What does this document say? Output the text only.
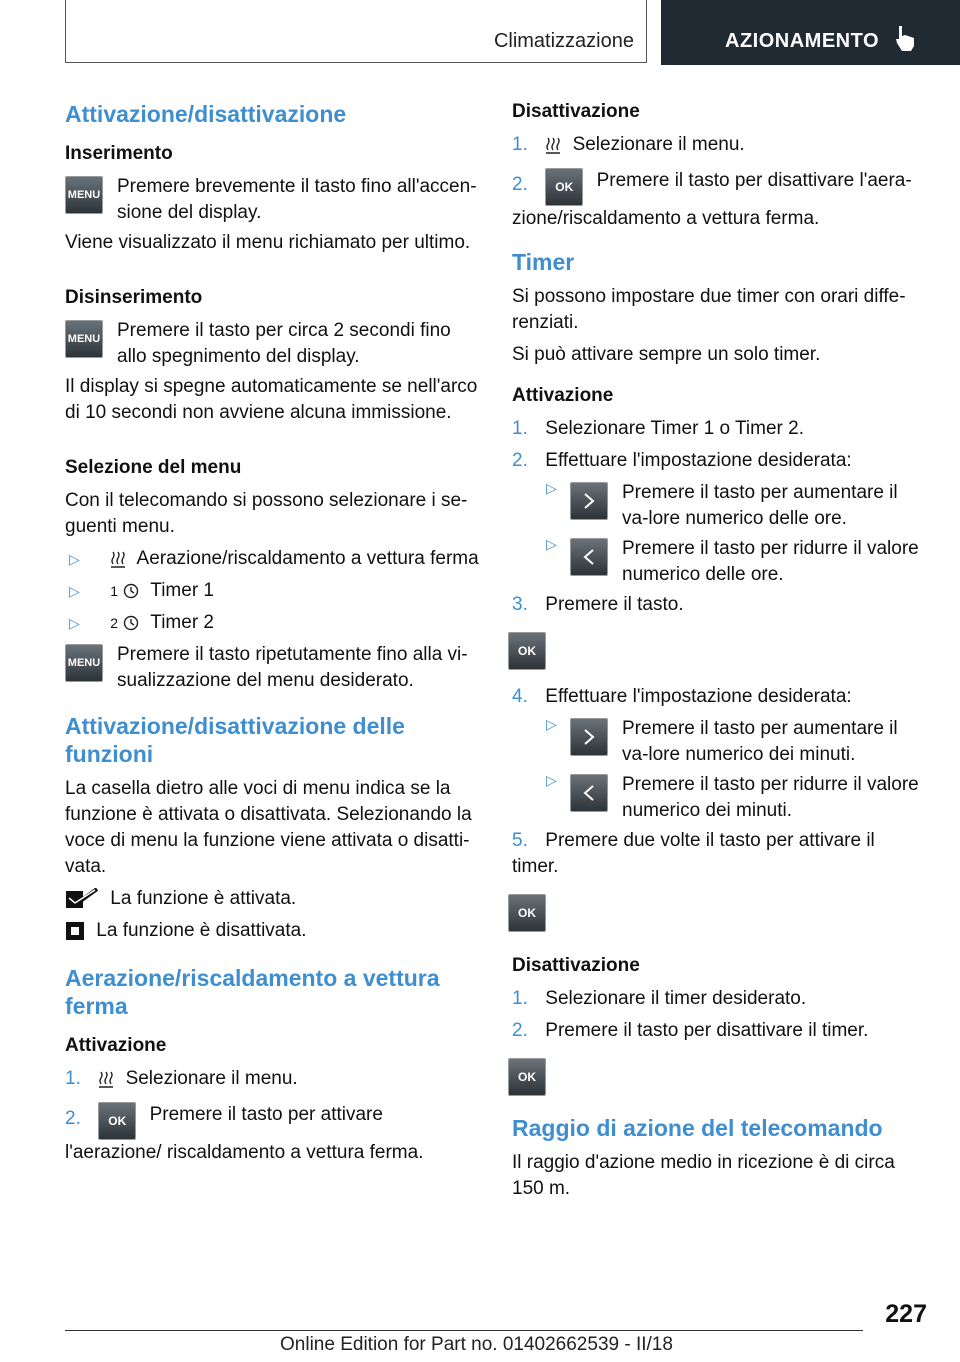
Climatizzazione	AZIONAMENTO
Attivazione/disattivazione
Inserimento
MENU Premere brevemente il tasto fino all'accen-sione del display.

Viene visualizzato il menu richiamato per ultimo.

Disinserimento
MENU Premere il tasto per circa 2 secondi fino allo spegnimento del display.

Il display si spegne automaticamente se nell'arco di 10 secondi non avviene alcuna immissione.

Selezione del menu

Con il telecomando si possono selezionare i se-guenti menu.

▷	Aerazione/riscaldamento a vettura ferma
▷ 1 Timer 1
▷ 2 Timer 2
MENU Premere il tasto ripetutamente fino alla vi-sualizzazione del menu desiderato.
Attivazione/disattivazione delle funzioni

La casella dietro alle voci di menu indica se la funzione è attivata o disattivata. Selezionando la voce di menu la funzione viene attivata o disatti-vata.

La funzione è attivata.
La funzione è disattivata.
Aerazione/riscaldamento a vettura ferma
Attivazione
1. Selezionare il menu.
2. OK Premere il tasto per attivare l'aerazione/ riscaldamento a vettura ferma.
Disattivazione
1. Selezionare il menu.
2. OK Premere il tasto per disattivare l'aera-zione/riscaldamento a vettura ferma.
Timer

Si possono impostare due timer con orari diffe-renziati.

Si può attivare sempre un solo timer.

Attivazione
1. Selezionare Timer 1 o Timer 2.
2. Effettuare l'impostazione desiderata:
▷	Premere il tasto per aumentare il va-lore numerico delle ore.
▷	Premere il tasto per ridurre il valore numerico delle ore.
3. Premere il tasto.
OK
4. Effettuare l'impostazione desiderata:
▷	Premere il tasto per aumentare il va-lore numerico dei minuti.
▷	Premere il tasto per ridurre il valore numerico dei minuti.
5. Premere due volte il tasto per attivare il timer.
OK
Disattivazione
1. Selezionare il timer desiderato.
2. Premere il tasto per disattivare il timer.
OK
Raggio di azione del telecomando

Il raggio d'azione medio in ricezione è di circa 150 m.

227
Online Edition for Part no. 01402662539 - II/18
